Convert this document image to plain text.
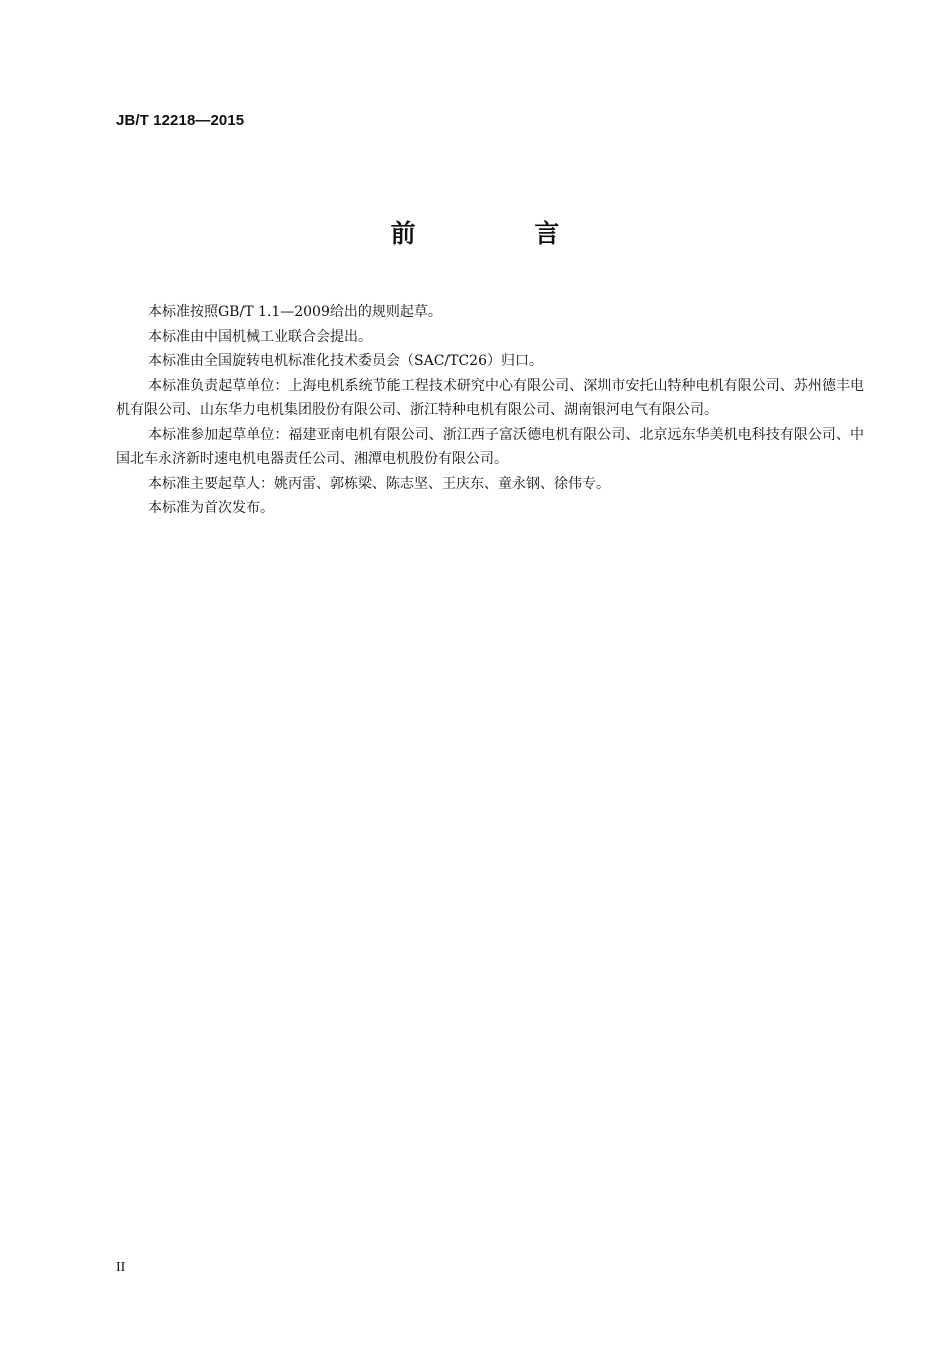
JB/T 12218—2015
前 言

本标准按照GB/T 1.1—2009给出的规则起草。

本标准由中国机械工业联合会提出。

本标准由全国旋转电机标准化技术委员会（SAC/TC26）归口。

本标准负责起草单位：上海电机系统节能工程技术研究中心有限公司、深圳市安托山特种电机有限公司、苏州德丰电机有限公司、山东华力电机集团股份有限公司、浙江特种电机有限公司、湖南银河电气有限公司。

本标准参加起草单位：福建亚南电机有限公司、浙江西子富沃德电机有限公司、北京远东华美机电科技有限公司、中国北车永济新时速电机电器责任公司、湘潭电机股份有限公司。

本标准主要起草人：姚丙雷、郭栋梁、陈志坚、王庆东、童永钢、徐伟专。

本标准为首次发布。

II
